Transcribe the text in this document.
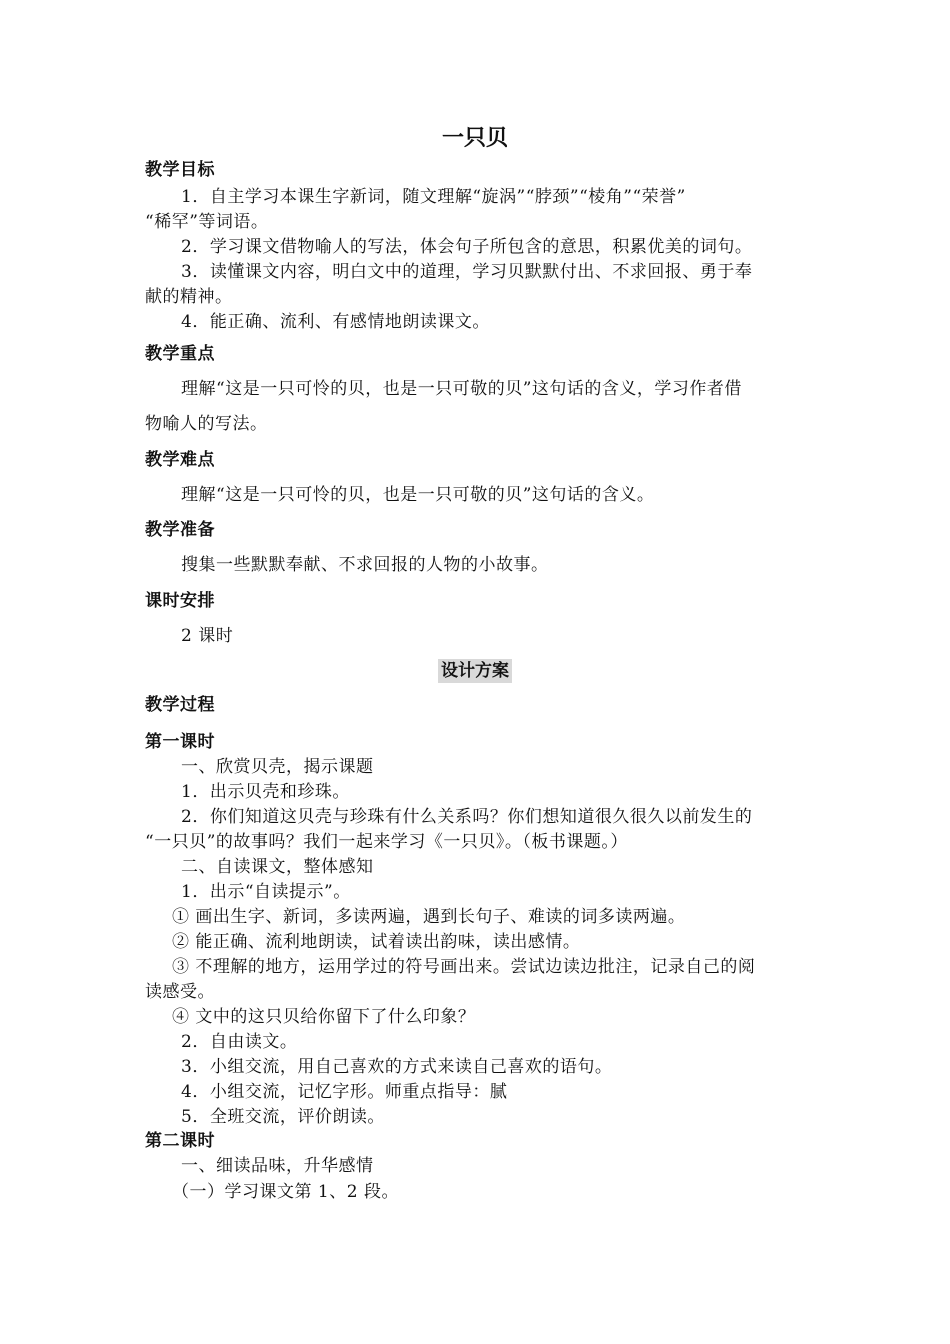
一只贝
教学目标
1．自主学习本课生字新词，随文理解“旋涡”“脖颈”“棱角”“荣誉”
“稀罕”等词语。
2．学习课文借物喻人的写法，体会句子所包含的意思，积累优美的词句。
3．读懂课文内容，明白文中的道理，学习贝默默付出、不求回报、勇于奉
献的精神。
4．能正确、流利、有感情地朗读课文。
教学重点
理解“这是一只可怜的贝，也是一只可敬的贝”这句话的含义，学习作者借
物喻人的写法。
教学难点
理解“这是一只可怜的贝，也是一只可敬的贝”这句话的含义。
教学准备
搜集一些默默奉献、不求回报的人物的小故事。
课时安排
2 课时
设计方案
教学过程
第一课时
一、欣赏贝壳，揭示课题
1．出示贝壳和珍珠。
2．你们知道这贝壳与珍珠有什么关系吗？你们想知道很久很久以前发生的
“一只贝”的故事吗？我们一起来学习《一只贝》。（板书课题。）
二、自读课文，整体感知
1．出示“自读提示”。
① 画出生字、新词，多读两遍，遇到长句子、难读的词多读两遍。
② 能正确、流利地朗读，试着读出韵味，读出感情。
③ 不理解的地方，运用学过的符号画出来。尝试边读边批注，记录自己的阅
读感受。
④ 文中的这只贝给你留下了什么印象？
2．自由读文。
3．小组交流，用自己喜欢的方式来读自己喜欢的语句。
4．小组交流，记忆字形。师重点指导：腻
5．全班交流，评价朗读。
第二课时
一、细读品味，升华感情
（一）学习课文第 1、2 段。
